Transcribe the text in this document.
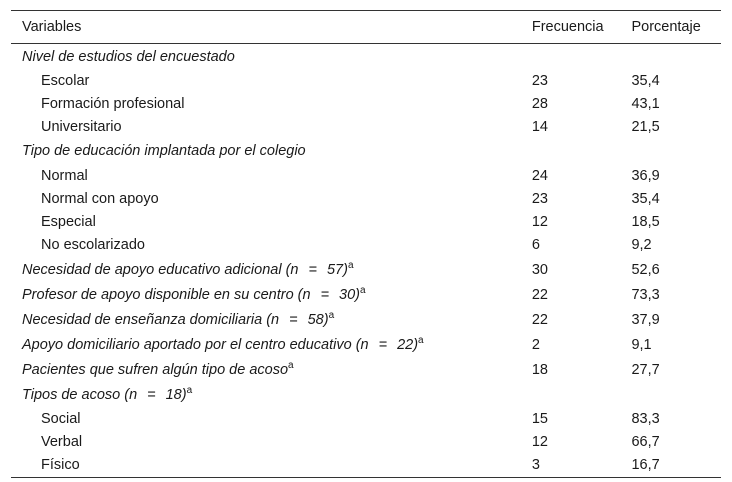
Variables	Frecuencia	Porcentaje
Nivel de estudios del encuestado		
Escolar	23	35,4
Formación profesional	28	43,1
Universitario	14	21,5
Tipo de educación implantada por el colegio		
Normal	24	36,9
Normal con apoyo	23	35,4
Especial	12	18,5
No escolarizado	6	9,2
Necesidad de apoyo educativo adicional (n = 57)$^a$	30	52,6
Profesor de apoyo disponible en su centro (n = 30)$^a$	22	73,3
Necesidad de enseñanza domiciliaria (n = 58)$^a$	22	37,9
Apoyo domiciliario aportado por el centro educativo (n = 22)$^a$	2	9,1
Pacientes que sufren algún tipo de acoso$^a$	18	27,7
Tipos de acoso (n = 18)$^a$		
Social	15	83,3
Verbal	12	66,7
Físico	3	16,7
